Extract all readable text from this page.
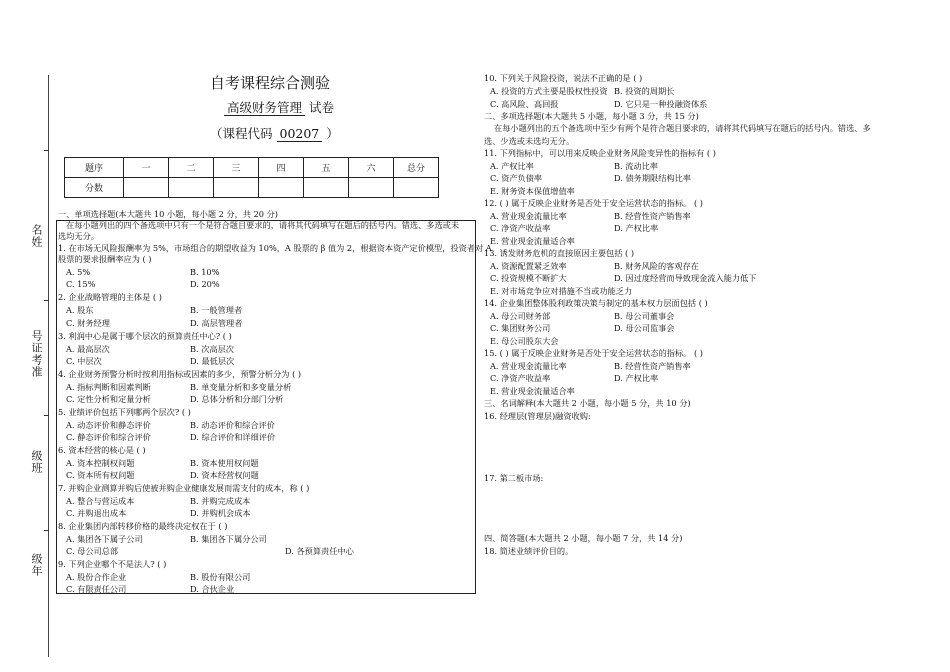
名姓
号证考准
级班
级年
自考课程综合测验
高级财务管理 试卷
（课程代码 00207 ）
题序	一	二	三	四	五	六	总分
分数							
一、单项选择题(本大题共 10 小题，每小题 2 分，共 20 分)
在每小题列出的四个备选项中只有一个是符合题目要求的，请将其代码填写在题后的括号内。错选、多选或未
选均无分。
1. 在市场无风险报酬率为 5%，市场组合的期望收益为 10%，A 股票的 β 值为 2，根据资本资产定价模型，投资者对 A
股票的要求报酬率应为 ( )
A. 5%	B. 10%
C. 15%	D. 20%
2. 企业战略管理的主体是 ( )
A. 股东	B. 一般管理者
C. 财务经理	D. 高层管理者
3. 利润中心是属于哪个层次的预算责任中心? ( )
A. 最高层次	B. 次高层次
C. 中层次	D. 最低层次
4. 企业财务预警分析时按利用指标或因素的多少，预警分析分为 ( )
A. 指标判断和因素判断	B. 单变量分析和多变量分析
C. 定性分析和定量分析	D. 总体分析和分部门分析
5. 业绩评价包括下列哪两个层次? ( )
A. 动态评价和静态评价	B. 动态评价和综合评价
C. 静态评价和综合评价	D. 综合评价和详细评价
6. 资本经营的核心是 ( )
A. 资本控制权问题	B. 资本使用权问题
C. 资本所有权问题	D. 资本经营权问题
7. 并购企业测算并购后使被并购企业健康发展而需支付的成本，称 ( )
A. 整合与营运成本	B. 并购完成成本
C. 并购退出成本	D. 并购机会成本
8. 企业集团内部转移价格的最终决定权在于 ( )
A. 集团各下属子公司	B. 集团各下属分公司
C. 母公司总部	D. 各预算责任中心
9. 下列企业哪个不是法人? ( )
A. 股份合作企业	B. 股份有限公司
C. 有限责任公司	D. 合伙企业
10. 下列关于风险投资，说法不正确的是 ( )
A. 投资的方式主要是股权性投资 B. 投资的周期长
C. 高风险、高回报	D. 它只是一种投融资体系
二、多项选择题(本大题共 5 小题，每小题 3 分，共 15 分)
在每小题列出的五个备选项中至少有两个是符合题目要求的，请将其代码填写在题后的括号内。错选、多
选、少选或未选均无分。
11. 下列指标中，可以用来反映企业财务风险变异性的指标有 ( )
A. 产权比率	B. 流动比率
C. 资产负债率	D. 债务期限结构比率
E. 财务资本保值增值率
12. ( ) 属于反映企业财务是否处于安全运营状态的指标。 ( )
A. 营业现金流量比率	B. 经营性资产销售率
C. 净资产收益率	D. 产权比率
E. 营业现金流量适合率
13. 诱发财务危机的直接原因主要包括 ( )
A. 资源配置紧乏效率	B. 财务风险的客观存在
C. 投资规模不断扩大	D. 因过度经营而导致现金流入能力低下
E. 对市场竞争应对措施不当或功能乏力
14. 企业集团整体股利政策决策与制定的基本权力层面包括 ( )
A. 母公司财务部	B. 母公司董事会
C. 集团财务公司	D. 母公司监事会
E. 母公司股东大会
15. ( ) 属于反映企业财务是否处于安全运营状态的指标。 ( )
A. 营业现金流量比率	B. 经营性资产销售率
C. 净资产收益率	D. 产权比率
E. 营业现金流量适合率
三、名词解释(本大题共 2 小题，每小题 5 分，共 10 分)
16. 经理层(管理层)融资收购:
17. 第二板市场:
四、简答题(本大题共 2 小题，每小题 7 分，共 14 分)
18. 简述业绩评价目的。
